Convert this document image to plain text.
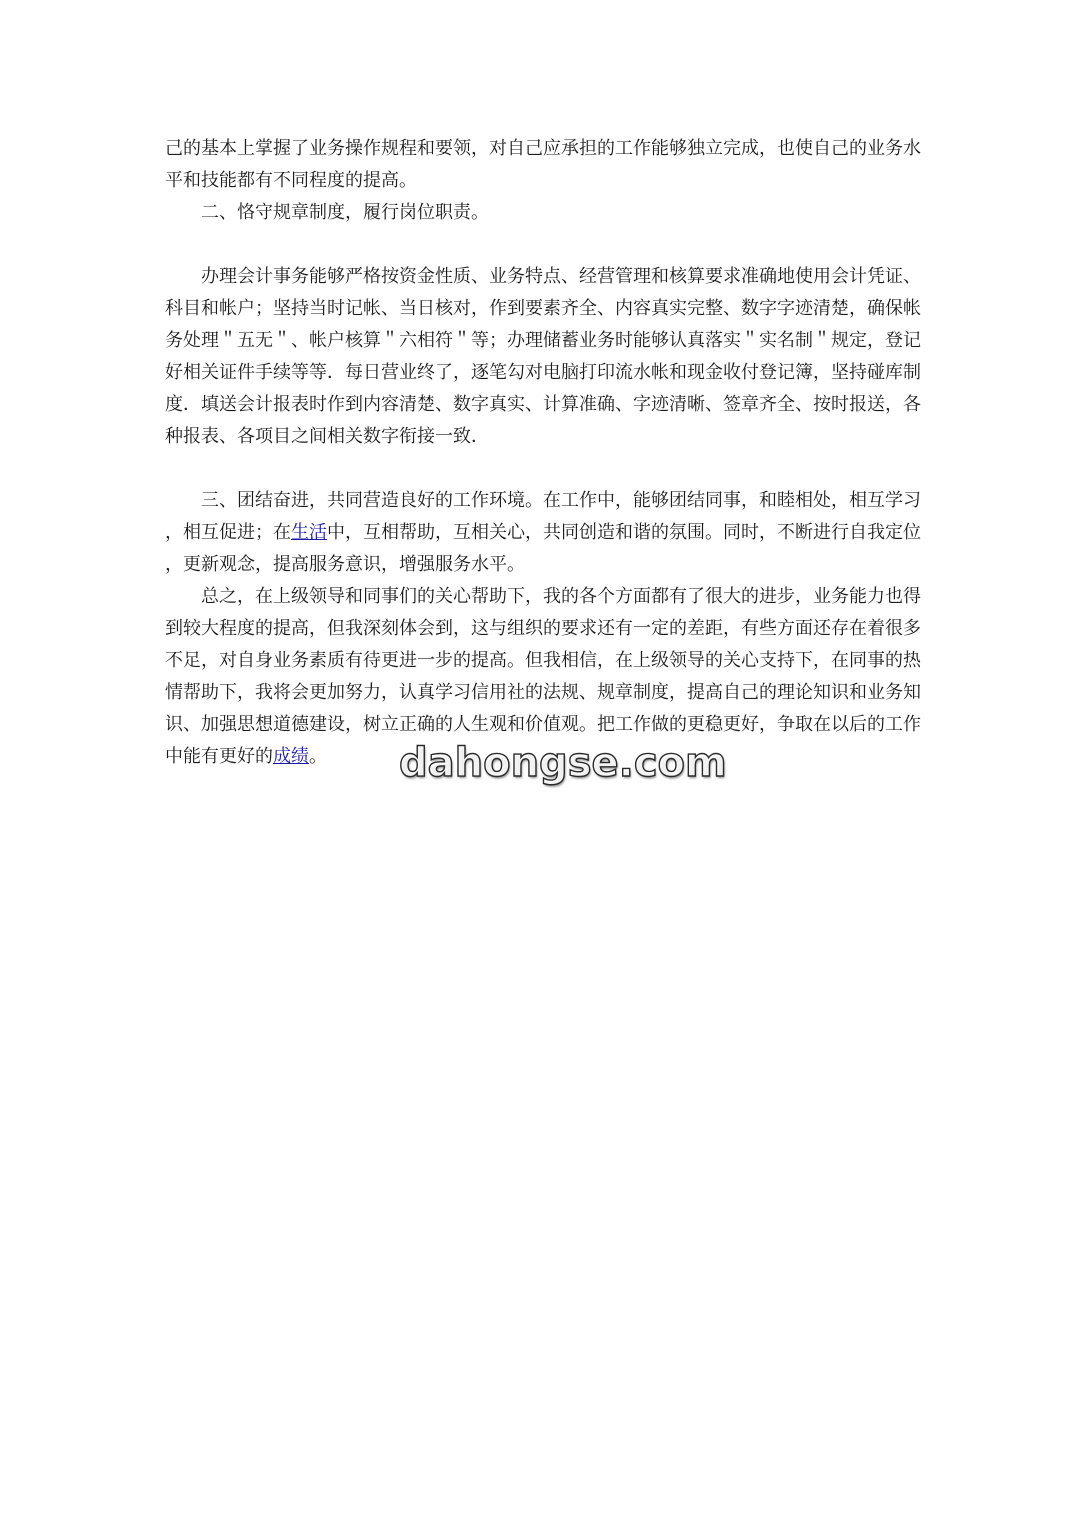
己的基本上掌握了业务操作规程和要领，对自己应承担的工作能够独立完成，也使自己的业务水平和技能都有不同程度的提高。

二、恪守规章制度，履行岗位职责。

办理会计事务能够严格按资金性质、业务特点、经营管理和核算要求准确地使用会计凭证、科目和帐户；坚持当时记帐、当日核对，作到要素齐全、内容真实完整、数字字迹清楚，确保帐务处理＂五无＂、帐户核算＂六相符＂等；办理储蓄业务时能够认真落实＂实名制＂规定，登记好相关证件手续等等．每日营业终了，逐笔勾对电脑打印流水帐和现金收付登记簿，坚持碰库制度．填送会计报表时作到内容清楚、数字真实、计算准确、字迹清晰、签章齐全、按时报送，各种报表、各项目之间相关数字衔接一致．

三、团结奋进，共同营造良好的工作环境。在工作中，能够团结同事，和睦相处，相互学习，相互促进；在生活中，互相帮助，互相关心，共同创造和谐的氛围。同时，不断进行自我定位，更新观念，提高服务意识，增强服务水平。

总之，在上级领导和同事们的关心帮助下，我的各个方面都有了很大的进步，业务能力也得到较大程度的提高，但我深刻体会到，这与组织的要求还有一定的差距，有些方面还存在着很多不足，对自身业务素质有待更进一步的提高。但我相信，在上级领导的关心支持下，在同事的热情帮助下，我将会更加努力，认真学习信用社的法规、规章制度，提高自己的理论知识和业务知识、加强思想道德建设，树立正确的人生观和价值观。把工作做的更稳更好，争取在以后的工作中能有更好的成绩。	dahongse.com
